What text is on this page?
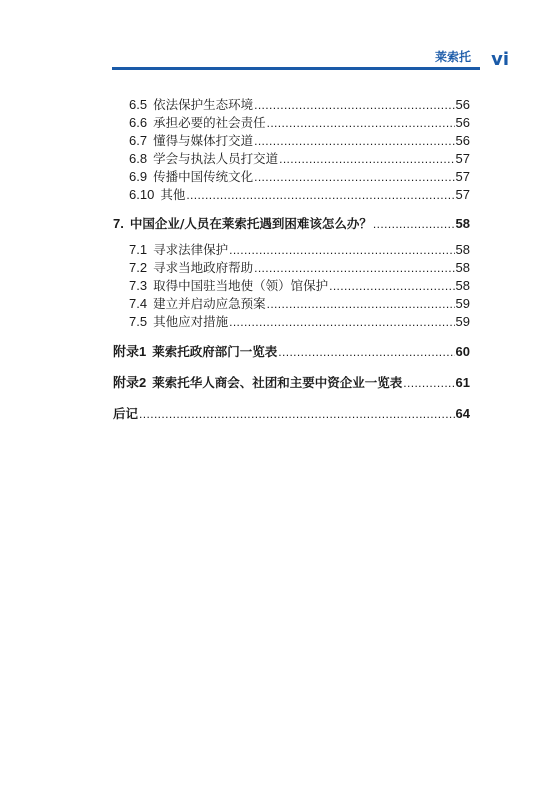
莱索托 vi
6.5 依法保护生态环境 .....	56
6.6 承担必要的社会责任 .....	56
6.7 懂得与媒体打交道 .....	56
6.8 学会与执法人员打交道 .....	57
6.9 传播中国传统文化 .....	57
6.10 其他 .....	57
7. 中国企业/人员在莱索托遇到困难该怎么办？ .....	58
7.1 寻求法律保护 .....	58
7.2 寻求当地政府帮助 .....	58
7.3 取得中国驻当地使（领）馆保护 .....	58
7.4 建立并启动应急预案 .....	59
7.5 其他应对措施 .....	59
附录1 莱索托政府部门一览表 .....	60
附录2 莱索托华人商会、社团和主要中资企业一览表 .....	61
后记 .....	64
